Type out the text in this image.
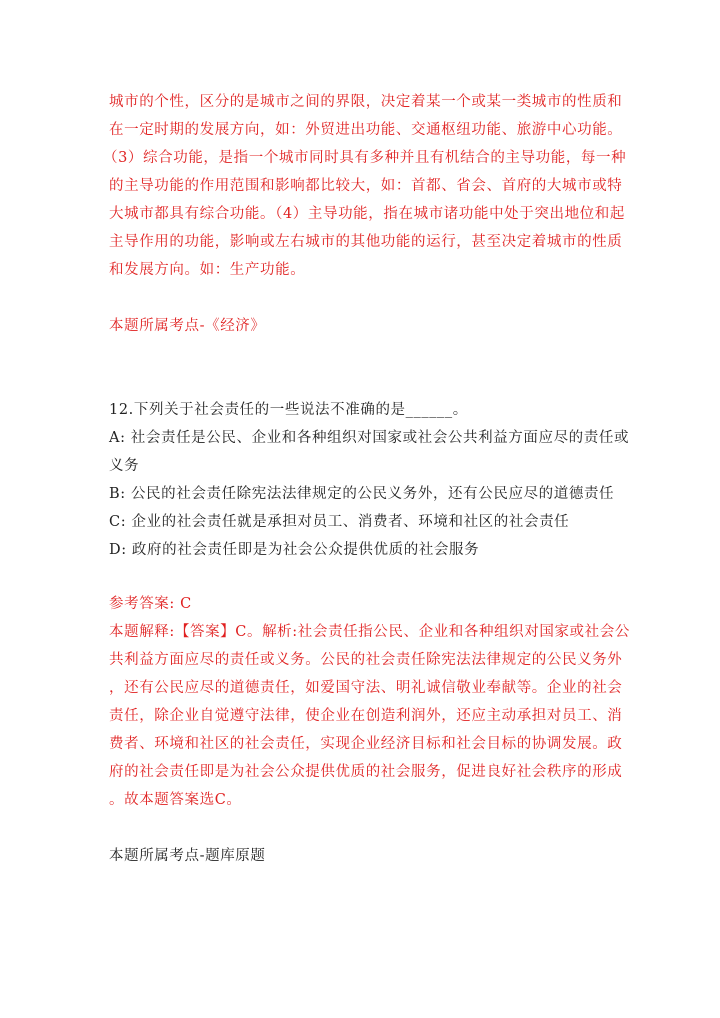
城市的个性，区分的是城市之间的界限，决定着某一个或某一类城市的性质和

在一定时期的发展方向，如：外贸进出功能、交通枢纽功能、旅游中心功能。

（3）综合功能，是指一个城市同时具有多种并且有机结合的主导功能，每一种

的主导功能的作用范围和影响都比较大，如：首都、省会、首府的大城市或特

大城市都具有综合功能。（4）主导功能，指在城市诸功能中处于突出地位和起

主导作用的功能，影响或左右城市的其他功能的运行，甚至决定着城市的性质

和发展方向。如：生产功能。

本题所属考点-《经济》

12.下列关于社会责任的一些说法不准确的是______。

A: 社会责任是公民、企业和各种组织对国家或社会公共利益方面应尽的责任或

义务

B: 公民的社会责任除宪法法律规定的公民义务外，还有公民应尽的道德责任

C: 企业的社会责任就是承担对员工、消费者、环境和社区的社会责任

D: 政府的社会责任即是为社会公众提供优质的社会服务

参考答案: C

本题解释:【答案】C。解析:社会责任指公民、企业和各种组织对国家或社会公

共利益方面应尽的责任或义务。公民的社会责任除宪法法律规定的公民义务外

，还有公民应尽的道德责任，如爱国守法、明礼诚信敬业奉献等。企业的社会

责任，除企业自觉遵守法律，使企业在创造利润外，还应主动承担对员工、消

费者、环境和社区的社会责任，实现企业经济目标和社会目标的协调发展。政

府的社会责任即是为社会公众提供优质的社会服务，促进良好社会秩序的形成

。故本题答案选C。

本题所属考点-题库原题
